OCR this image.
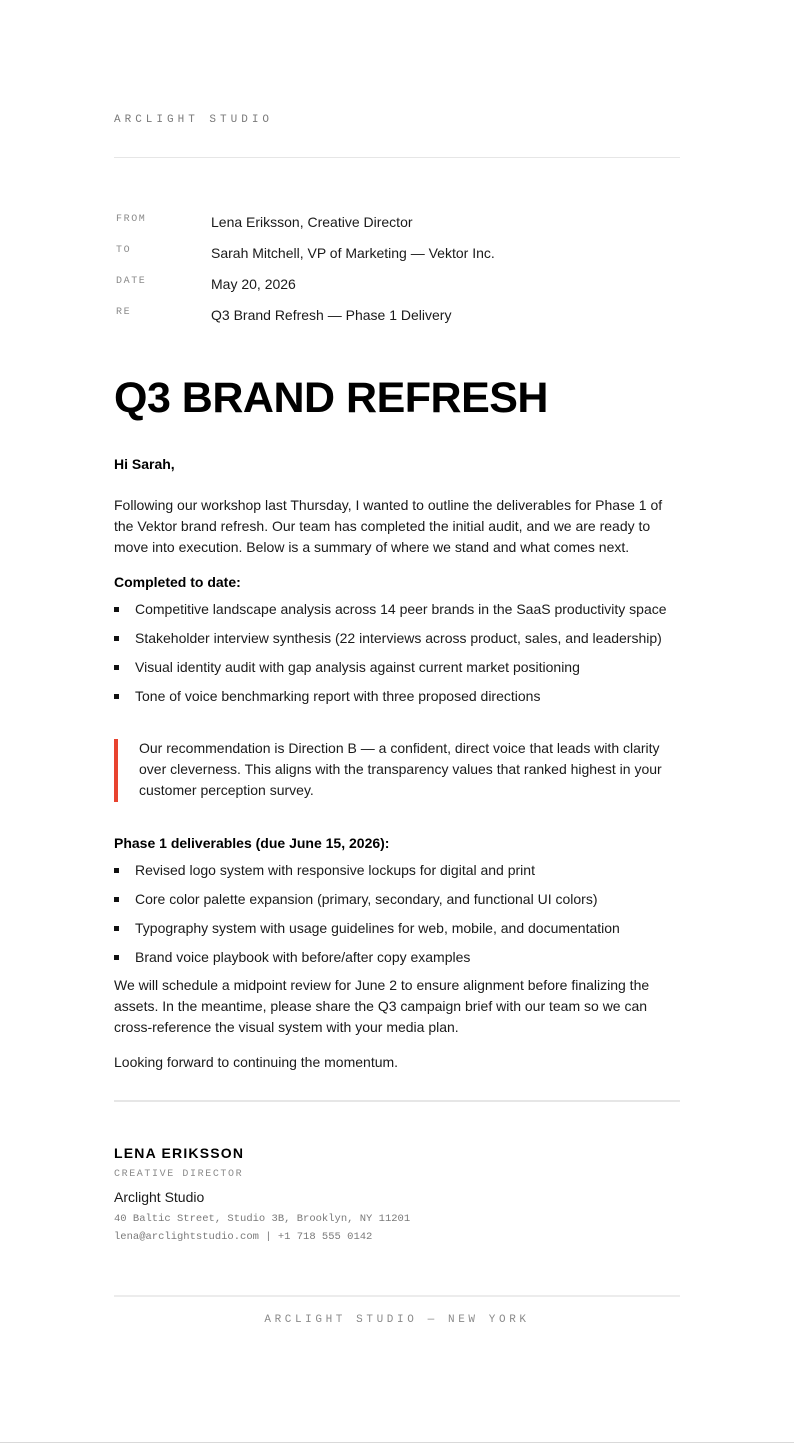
ARCLIGHT STUDIO
FROM	Lena Eriksson, Creative Director
TO	Sarah Mitchell, VP of Marketing — Vektor Inc.
DATE	May 20, 2026
RE	Q3 Brand Refresh — Phase 1 Delivery
Q3 BRAND REFRESH
Hi Sarah,
Following our workshop last Thursday, I wanted to outline the deliverables for Phase 1 of the Vektor brand refresh. Our team has completed the initial audit, and we are ready to move into execution. Below is a summary of where we stand and what comes next.
Completed to date:
Competitive landscape analysis across 14 peer brands in the SaaS productivity space
Stakeholder interview synthesis (22 interviews across product, sales, and leadership)
Visual identity audit with gap analysis against current market positioning
Tone of voice benchmarking report with three proposed directions
Our recommendation is Direction B — a confident, direct voice that leads with clarity over cleverness. This aligns with the transparency values that ranked highest in your customer perception survey.
Phase 1 deliverables (due June 15, 2026):
Revised logo system with responsive lockups for digital and print
Core color palette expansion (primary, secondary, and functional UI colors)
Typography system with usage guidelines for web, mobile, and documentation
Brand voice playbook with before/after copy examples
We will schedule a midpoint review for June 2 to ensure alignment before finalizing the assets. In the meantime, please share the Q3 campaign brief with our team so we can cross-reference the visual system with your media plan.
Looking forward to continuing the momentum.
LENA ERIKSSON
CREATIVE DIRECTOR
Arclight Studio
40 Baltic Street, Studio 3B, Brooklyn, NY 11201
lena@arclightstudio.com | +1 718 555 0142
ARCLIGHT STUDIO — NEW YORK
